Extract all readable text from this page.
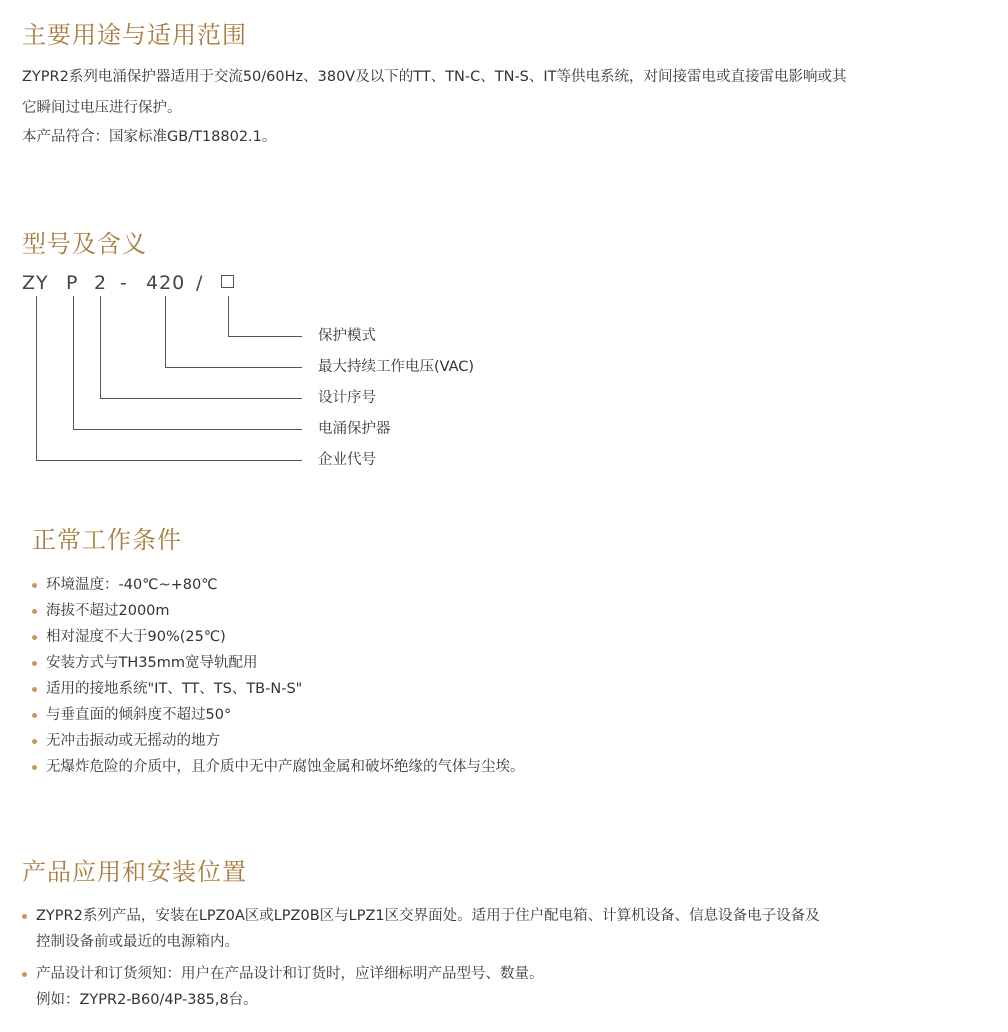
主要用途与适用范围

ZYPR2系列电涌保护器适用于交流50/60Hz、380V及以下的TT、TN-C、TN-S、IT等供电系统，对间接雷电或直接雷电影响或其

它瞬间过电压进行保护。

本产品符合：国家标准GB/T18802.1。

型号及含义
ZY P 2 - 420 /
保护模式
最大持续工作电压(VAC)
设计序号
电涌保护器
企业代号
正常工作条件
环境温度：-40℃~+80℃
海拔不超过2000m
相对湿度不大于90%(25℃)
安装方式与TH35mm宽导轨配用
适用的接地系统"IT、TT、TS、TB-N-S"
与垂直面的倾斜度不超过50°
无冲击振动或无摇动的地方
无爆炸危险的介质中，且介质中无中产腐蚀金属和破坏绝缘的气体与尘埃。
产品应用和安装位置
ZYPR2系列产品，安装在LPZ0A区或LPZ0B区与LPZ1区交界面处。适用于住户配电箱、计算机设备、信息设备电子设备及
控制设备前或最近的电源箱内。
产品设计和订货须知：用户在产品设计和订货时，应详细标明产品型号、数量。
例如：ZYPR2-B60/4P-385,8台。
